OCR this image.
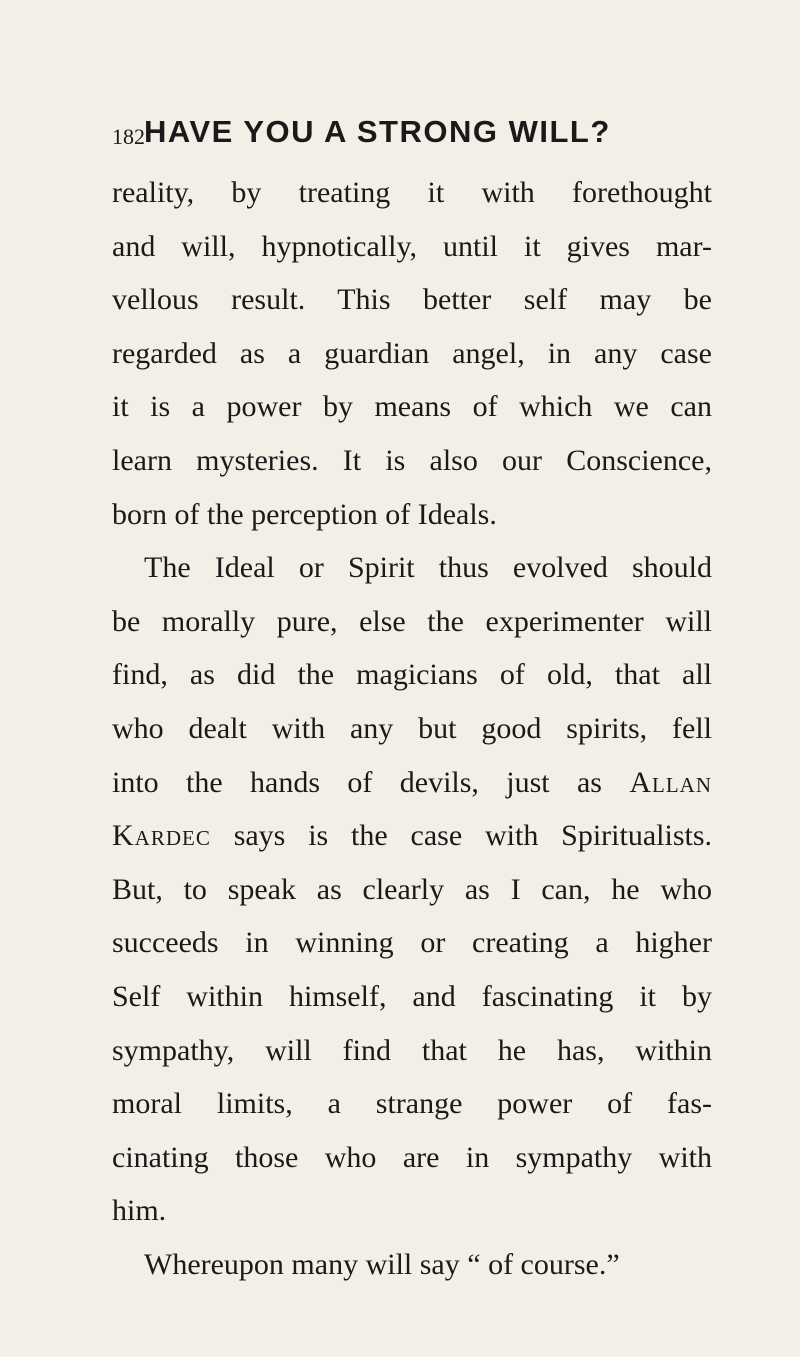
182 HAVE YOU A STRONG WILL?
reality, by treating it with forethought
and will, hypnotically, until it gives mar-
vellous result. This better self may be
regarded as a guardian angel, in any case
it is a power by means of which we can
learn mysteries. It is also our Conscience,
born of the perception of Ideals.
The Ideal or Spirit thus evolved should
be morally pure, else the experimenter will
find, as did the magicians of old, that all
who dealt with any but good spirits, fell
into the hands of devils, just as Allan
Kardec says is the case with Spiritualists.
But, to speak as clearly as I can, he who
succeeds in winning or creating a higher
Self within himself, and fascinating it by
sympathy, will find that he has, within
moral limits, a strange power of fas-
cinating those who are in sympathy with
him.
Whereupon many will say “ of course.”
